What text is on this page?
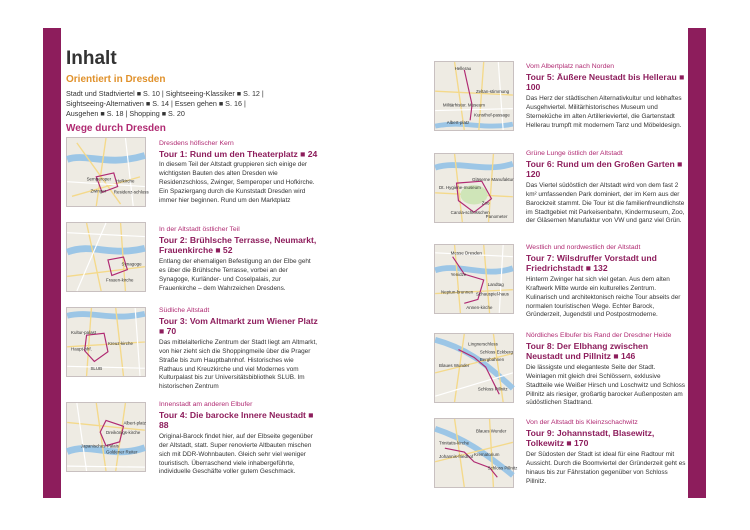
Inhalt
Orientiert in Dresden
Stadt und Stadtviertel ■ S. 10 | Sightseeing-Klassiker ■ S. 12 |
Sightseeing-Alternativen ■ S. 14 | Essen gehen ■ S. 16 |
Ausgehen ■ S. 18 | Shopping ■ S. 20
Wege durch Dresden
Semperoper Hofkirche
Zwinger Residenz-schloss
Dresdens höfischer Kern
Tour 1: Rund um den Theaterplatz ■ 24
In diesem Teil der Altstadt gruppieren sich einige der wichtigsten Bauten des alten Dresden wie Residenzschloss, Zwinger, Semperoper und Hofkirche. Ein Spaziergang durch die Kunststadt Dresden wird immer hier beginnen. Rund um den Marktplatz
Synagoge
Frauen-kirche
In der Altstadt östlicher Teil
Tour 2: Brühlsche Terrasse, Neumarkt, Frauenkirche ■ 52
Entlang der ehemaligen Befestigung an der Elbe geht es über die Brühlsche Terrasse, vorbei an der Synagoge, Kurländer- und Coselpalais, zur Frauenkirche – dem Wahrzeichen Dresdens.
Kultur-palast
Kreuz-kirche
Haupt-bhf.
SLUB
Südliche Altstadt
Tour 3: Vom Altmarkt zum Wiener Platz ■ 70
Das mittelalterliche Zentrum der Stadt liegt am Altmarkt, von hier zieht sich die Shoppingmeile über die Prager Straße bis zum Hauptbahnhof. Historisches wie Rathaus und Kreuzkirche und viel Modernes vom Kulturpalast bis zur Universitätsbibliothek SLUB. Im historischen Zentrum
Albert-platz
Dreikönigs-kirche
Japanisches Palais
Goldener Reiter
Innenstadt am anderen Elbufer
Tour 4: Die barocke Innere Neustadt ■ 88
Original-Barock findet hier, auf der Elbseite gegenüber der Altstadt, statt. Super renovierte Altbauten mischen sich mit DDR-Wohnbauten. Gleich sehr viel weniger touristisch. Überraschend viele inhabergeführte, individuelle Geschäfte voller gutem Geschmack.
Hellerau
Zeltan-stimmung
Militärhistor. Museum
Kunsthof-passage
Albert-platz
Vom Albertplatz nach Norden
Tour 5: Äußere Neustadt bis Hellerau ■ 100
Das Herz der städtischen Alternativkultur und lebhaftes Ausgehviertel. Militärhistorisches Museum und Sterneküche im alten Artillerieviertel, die Gartenstadt Hellerau trumpft mit modernem Tanz und Möbeldesign.
Gläserne Manufaktur
Dt. Hygiene-museum
Zoo
Carola-schlösschen
Panometer
Grüne Lunge östlich der Altstadt
Tour 6: Rund um den Großen Garten ■ 120
Das Viertel südöstlich der Altstadt wird von dem fast 2 km² umfassenden Park dominiert, der im Kern aus der Barockzeit stammt. Die Tour ist die familienfreundlichste im Stadtgebiet mit Parkeisenbahn, Kindermuseum, Zoo, der Gläsernen Manufaktur von VW und ganz viel Grün.
Messe Dresden
Yenidze
Landtag
Neptun-brunnen Schauspiel-haus
Annen-kirche
Westlich und nordwestlich der Altstadt
Tour 7: Wilsdruffer Vorstadt und Friedrichstadt ■ 132
Hinterm Zwinger hat sich viel getan. Aus dem alten Kraftwerk Mitte wurde ein kulturelles Zentrum. Kulinarisch und architektonisch reiche Tour abseits der normalen touristischen Wege. Echter Barock, Gründerzeit, Jugendstil und Postpostmoderne.
Lingnerschloss
Schloss Eckberg
Bergbahnen
Blaues Wunder
Schloss Pillnitz
Nördliches Elbufer bis Rand der Dresdner Heide
Tour 8: Der Elbhang zwischen Neustadt und Pillnitz ■ 146
Die lässigste und eleganteste Seite der Stadt. Weinlagen mit gleich drei Schlössern, exklusive Stadtteile wie Weißer Hirsch und Loschwitz und Schloss Pillnitz als riesiger, großartig barocker Außenposten am südöstlichen Stadtrand.
Blaues Wunder
Trinitatis-kirche
Johannis-friedhof Krematorium
Schloss Pillnitz
Von der Altstadt bis Kleinzschachwitz
Tour 9: Johannstadt, Blasewitz, Tolkewitz ■ 170
Der Südosten der Stadt ist ideal für eine Radtour mit Aussicht. Durch die Boomviertel der Gründerzeit geht es hinaus bis zur Fährstation gegenüber von Schloss Pillnitz.
